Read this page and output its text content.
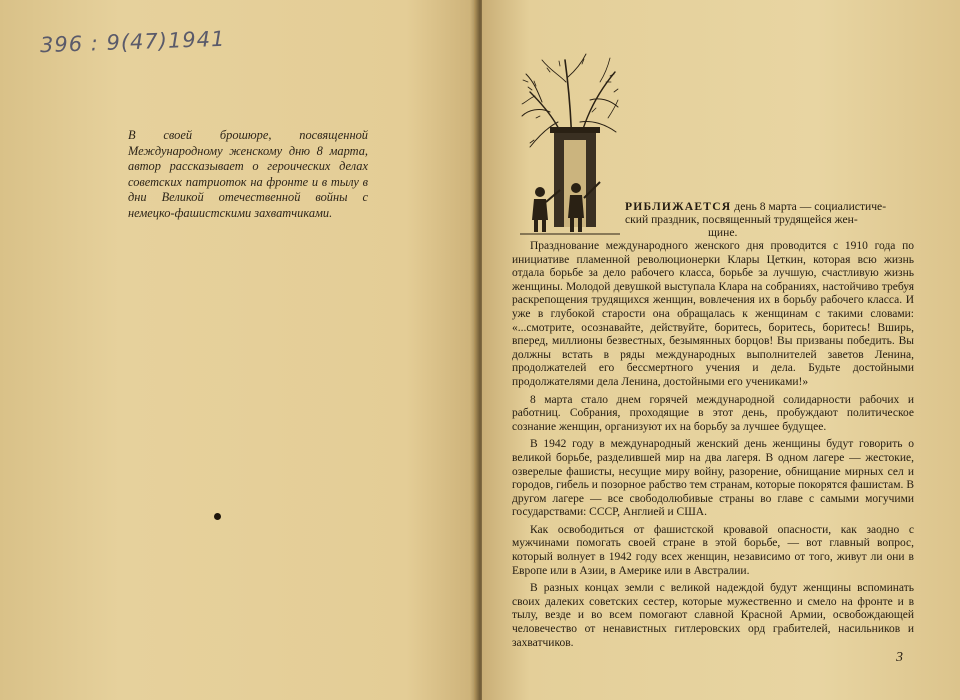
396 : 9(47)1941
В своей брошюре, посвященной Международному женскому дню 8 марта, автор рассказывает о героических делах советских патриоток на фронте и в тылу в дни Великой отечественной войны с немецко-фашистскими захватчиками.	РИБЛИЖАЕТСЯ день 8 марта — социалистиче-
ский праздник, посвященный трудящейся жен-
щине.

Празднование международного женского дня проводится с 1910 года по инициативе пламенной революционерки Клары Цеткин, которая всю жизнь отдала борьбе за дело рабочего класса, борьбе за лучшую, счастливую жизнь женщины. Молодой девушкой выступала Клара на собраниях, настойчиво требуя раскрепощения трудящихся женщин, вовлечения их в борьбу рабочего класса. И уже в глубокой старости она обращалась к женщинам с такими словами: «...смотрите, осознавайте, действуйте, боритесь, боритесь, боритесь! Вширь, вперед, миллионы безвестных, безымянных борцов! Вы призваны победить. Вы должны встать в ряды международных выполнителей заветов Ленина, продолжателей его бессмертного учения и дела. Будьте достойными продолжателями дела Ленина, достойными его учениками!»

8 марта стало днем горячей международной солидарности рабочих и работниц. Собрания, проходящие в этот день, пробуждают политическое сознание женщин, организуют их на борьбу за лучшее будущее.

В 1942 году в международный женский день женщины будут говорить о великой борьбе, разделившей мир на два лагеря. В одном лагере — жестокие, озверелые фашисты, несущие миру войну, разорение, обнищание мирных сел и городов, гибель и позорное рабство тем странам, которые покорятся фашистам. В другом лагере — все свободолюбивые страны во главе с самыми могучими государствами: СССР, Англией и США.

Как освободиться от фашистской кровавой опасности, как заодно с мужчинами помогать своей стране в этой борьбе, — вот главный вопрос, который волнует в 1942 году всех женщин, независимо от того, живут ли они в Европе или в Азии, в Америке или в Австралии.

В разных концах земли с великой надеждой будут женщины вспоминать своих далеких советских сестер, которые мужественно и смело на фронте и в тылу, везде и во всем помогают славной Красной Армии, освобождающей человечество от ненавистных гитлеровских орд грабителей, насильников и захватчиков.

3
